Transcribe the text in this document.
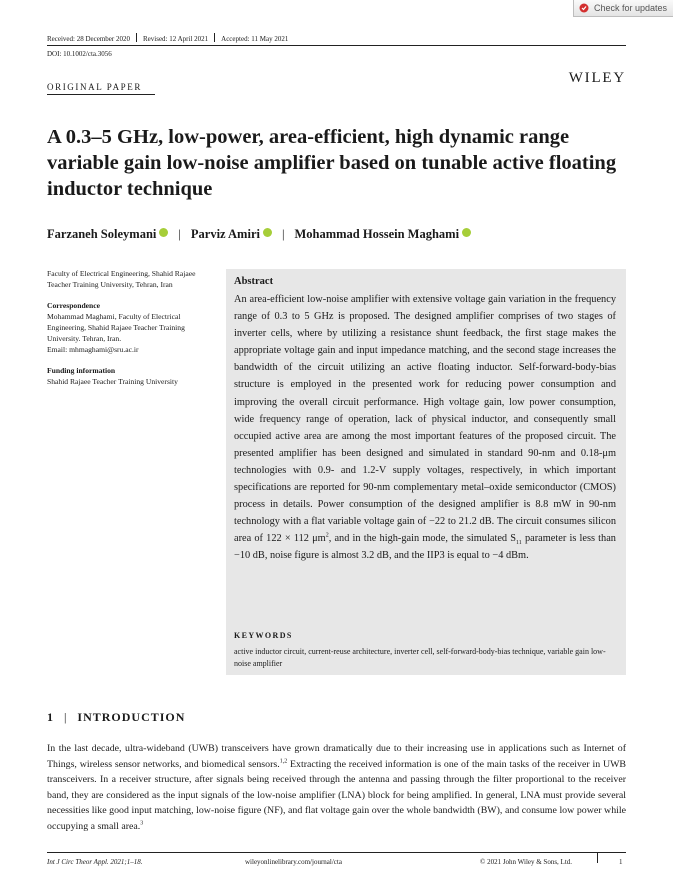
Check for updates
Received: 28 December 2020 Revised: 12 April 2021 Accepted: 11 May 2021
DOI: 10.1002/cta.3056
ORIGINAL PAPER
WILEY
A 0.3–5 GHz, low-power, area-efficient, high dynamic range variable gain low-noise amplifier based on tunable active floating inductor technique
Farzaneh Soleymani | Parviz Amiri | Mohammad Hossein Maghami
Faculty of Electrical Engineering, Shahid Rajaee Teacher Training University, Tehran, Iran
Correspondence
Mohammad Maghami, Faculty of Electrical Engineering, Shahid Rajaee Teacher Training University. Tehran, Iran.
Email: mhmaghami@sru.ac.ir
Funding information
Shahid Rajaee Teacher Training University
Abstract

An area-efficient low-noise amplifier with extensive voltage gain variation in the frequency range of 0.3 to 5 GHz is proposed. The designed amplifier comprises of two stages of inverter cells, where by utilizing a resistance shunt feedback, the first stage makes the appropriate voltage gain and input impedance matching, and the second stage increases the bandwidth of the circuit utilizing an active floating inductor. Self-forward-body-bias structure is employed in the presented work for reducing power consumption and improving the overall circuit performance. High voltage gain, low power consumption, wide frequency range of operation, lack of physical inductor, and consequently small occupied active area are among the most important features of the proposed circuit. The presented amplifier has been designed and simulated in standard 90-nm and 0.18-μm technologies with 0.9- and 1.2-V supply voltages, respectively, in which important specifications are reported for 90-nm complementary metal–oxide semiconductor (CMOS) process in details. Power consumption of the designed amplifier is 8.8 mW in 90-nm technology with a flat variable voltage gain of −22 to 21.2 dB. The circuit consumes silicon area of 122 × 112 $\mu m^2$, and in the high-gain mode, the simulated $S_{11}$ parameter is less than −10 dB, noise figure is almost 3.2 dB, and the IIP3 is equal to −4 dBm.

KEYWORDS

active inductor circuit, current-reuse architecture, inverter cell, self-forward-body-bias technique, variable gain low-noise amplifier

1 | INTRODUCTION

In the last decade, ultra-wideband (UWB) transceivers have grown dramatically due to their increasing use in applications such as Internet of Things, wireless sensor networks, and biomedical sensors.$^{1,2}$ Extracting the received information is one of the main tasks of the receiver in UWB transceivers. In a receiver structure, after signals being received through the antenna and passing through the filter proportional to the receiver band, they are considered as the input signals of the low-noise amplifier (LNA) block for being amplified. In general, LNA must provide several necessities like good input matching, low-noise figure (NF), and flat voltage gain over the whole bandwidth (BW), and consume low power while occupying a small area.$^3$

Int J Circ Theor Appl. 2021;1–18.	wileyonlinelibrary.com/journal/cta	© 2021 John Wiley & Sons, Ltd.	1
